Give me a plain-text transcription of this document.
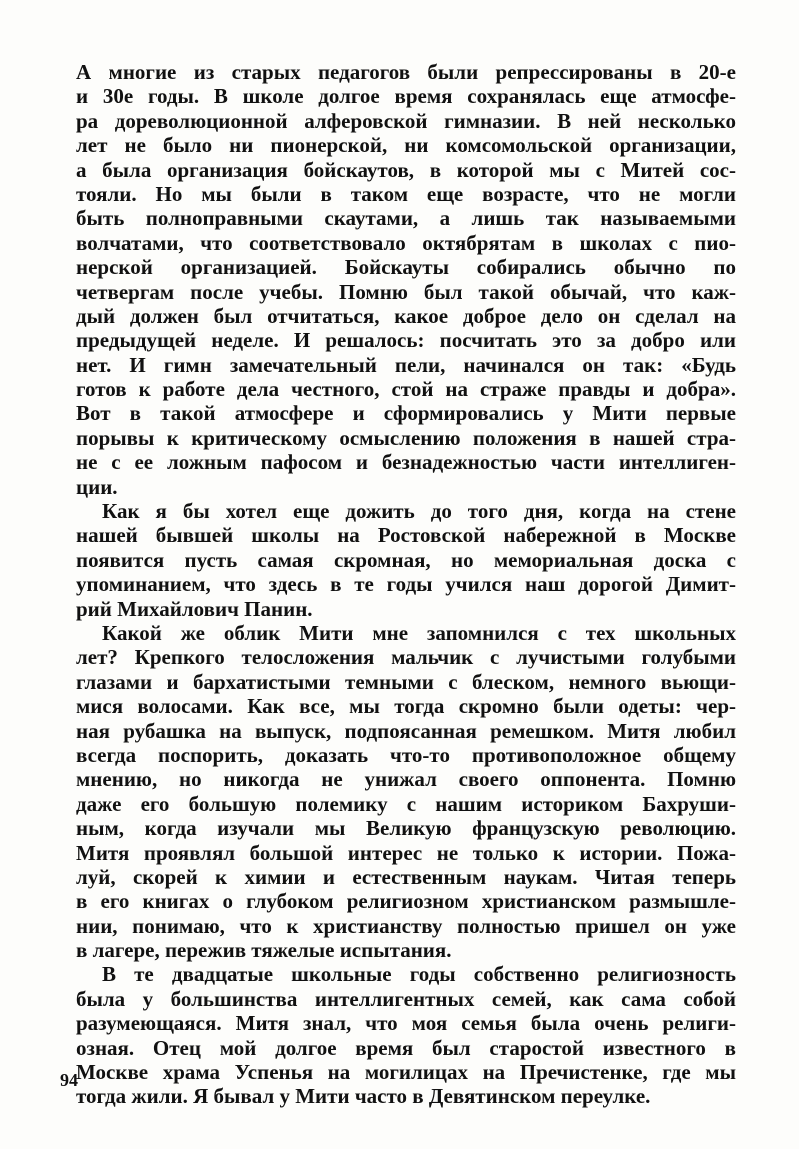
А многие из старых педагогов были репрессированы в 20-е
и 30е годы. В школе долгое время сохранялась еще атмосфе-
ра дореволюционной алферовской гимназии. В ней несколько
лет не было ни пионерской, ни комсомольской организации,
а была организация бойскаутов, в которой мы с Митей сос-
тояли. Но мы были в таком еще возрасте, что не могли
быть полноправными скаутами, а лишь так называемыми
волчатами, что соответствовало октябрятам в школах с пио-
нерской организацией. Бойскауты собирались обычно по
четвергам после учебы. Помню был такой обычай, что каж-
дый должен был отчитаться, какое доброе дело он сделал на
предыдущей неделе. И решалось: посчитать это за добро или
нет. И гимн замечательный пели, начинался он так: «Будь
готов к работе дела честного, стой на страже правды и добра».
Вот в такой атмосфере и сформировались у Мити первые
порывы к критическому осмыслению положения в нашей стра-
не с ее ложным пафосом и безнадежностью части интеллиген-
ции.
Как я бы хотел еще дожить до того дня, когда на стене
нашей бывшей школы на Ростовской набережной в Москве
появится пусть самая скромная, но мемориальная доска с
упоминанием, что здесь в те годы учился наш дорогой Димит-
рий Михайлович Панин.
Какой же облик Мити мне запомнился с тех школьных
лет? Крепкого телосложения мальчик с лучистыми голубыми
глазами и бархатистыми темными с блеском, немного вьющи-
мися волосами. Как все, мы тогда скромно были одеты: чер-
ная рубашка на выпуск, подпоясанная ремешком. Митя любил
всегда поспорить, доказать что-то противоположное общему
мнению, но никогда не унижал своего оппонента. Помню
даже его большую полемику с нашим историком Бахруши-
ным, когда изучали мы Великую французскую революцию.
Митя проявлял большой интерес не только к истории. Пожа-
луй, скорей к химии и естественным наукам. Читая теперь
в его книгах о глубоком религиозном христианском размышле-
нии, понимаю, что к христианству полностью пришел он уже
в лагере, пережив тяжелые испытания.
В те двадцатые школьные годы собственно религиозность
была у большинства интеллигентных семей, как сама собой
разумеющаяся. Митя знал, что моя семья была очень религи-
озная. Отец мой долгое время был старостой известного в
Москве храма Успенья на могилицах на Пречистенке, где мы
тогда жили. Я бывал у Мити часто в Девятинском переулке.
94
